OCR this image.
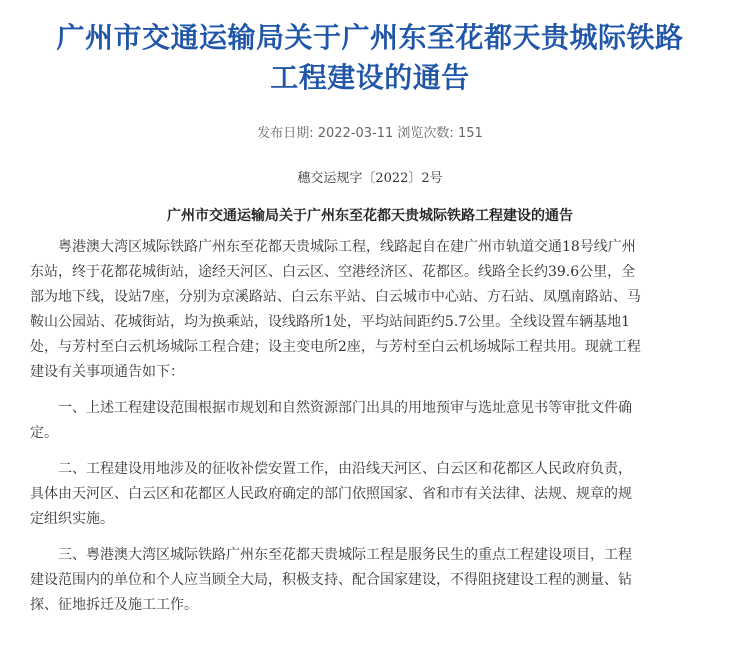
广州市交通运输局关于广州东至花都天贵城际铁路
工程建设的通告
发布日期: 2022-03-11 浏览次数: 151
穗交运规字〔2022〕2号
广州市交通运输局关于广州东至花都天贵城际铁路工程建设的通告
粤港澳大湾区城际铁路广州东至花都天贵城际工程，线路起自在建广州市轨道交通18号线广州
东站，终于花都花城街站，途经天河区、白云区、空港经济区、花都区。线路全长约39.6公里，全
部为地下线，设站7座，分别为京溪路站、白云东平站、白云城市中心站、方石站、凤凰南路站、马
鞍山公园站、花城街站，均为换乘站，设线路所1处，平均站间距约5.7公里。全线设置车辆基地1
处，与芳村至白云机场城际工程合建；设主变电所2座，与芳村至白云机场城际工程共用。现就工程
建设有关事项通告如下：
一、上述工程建设范围根据市规划和自然资源部门出具的用地预审与选址意见书等审批文件确
定。
二、工程建设用地涉及的征收补偿安置工作，由沿线天河区、白云区和花都区人民政府负责，
具体由天河区、白云区和花都区人民政府确定的部门依照国家、省和市有关法律、法规、规章的规
定组织实施。
三、粤港澳大湾区城际铁路广州东至花都天贵城际工程是服务民生的重点工程建设项目，工程
建设范围内的单位和个人应当顾全大局，积极支持、配合国家建设，不得阻挠建设工程的测量、钻
探、征地拆迁及施工工作。
